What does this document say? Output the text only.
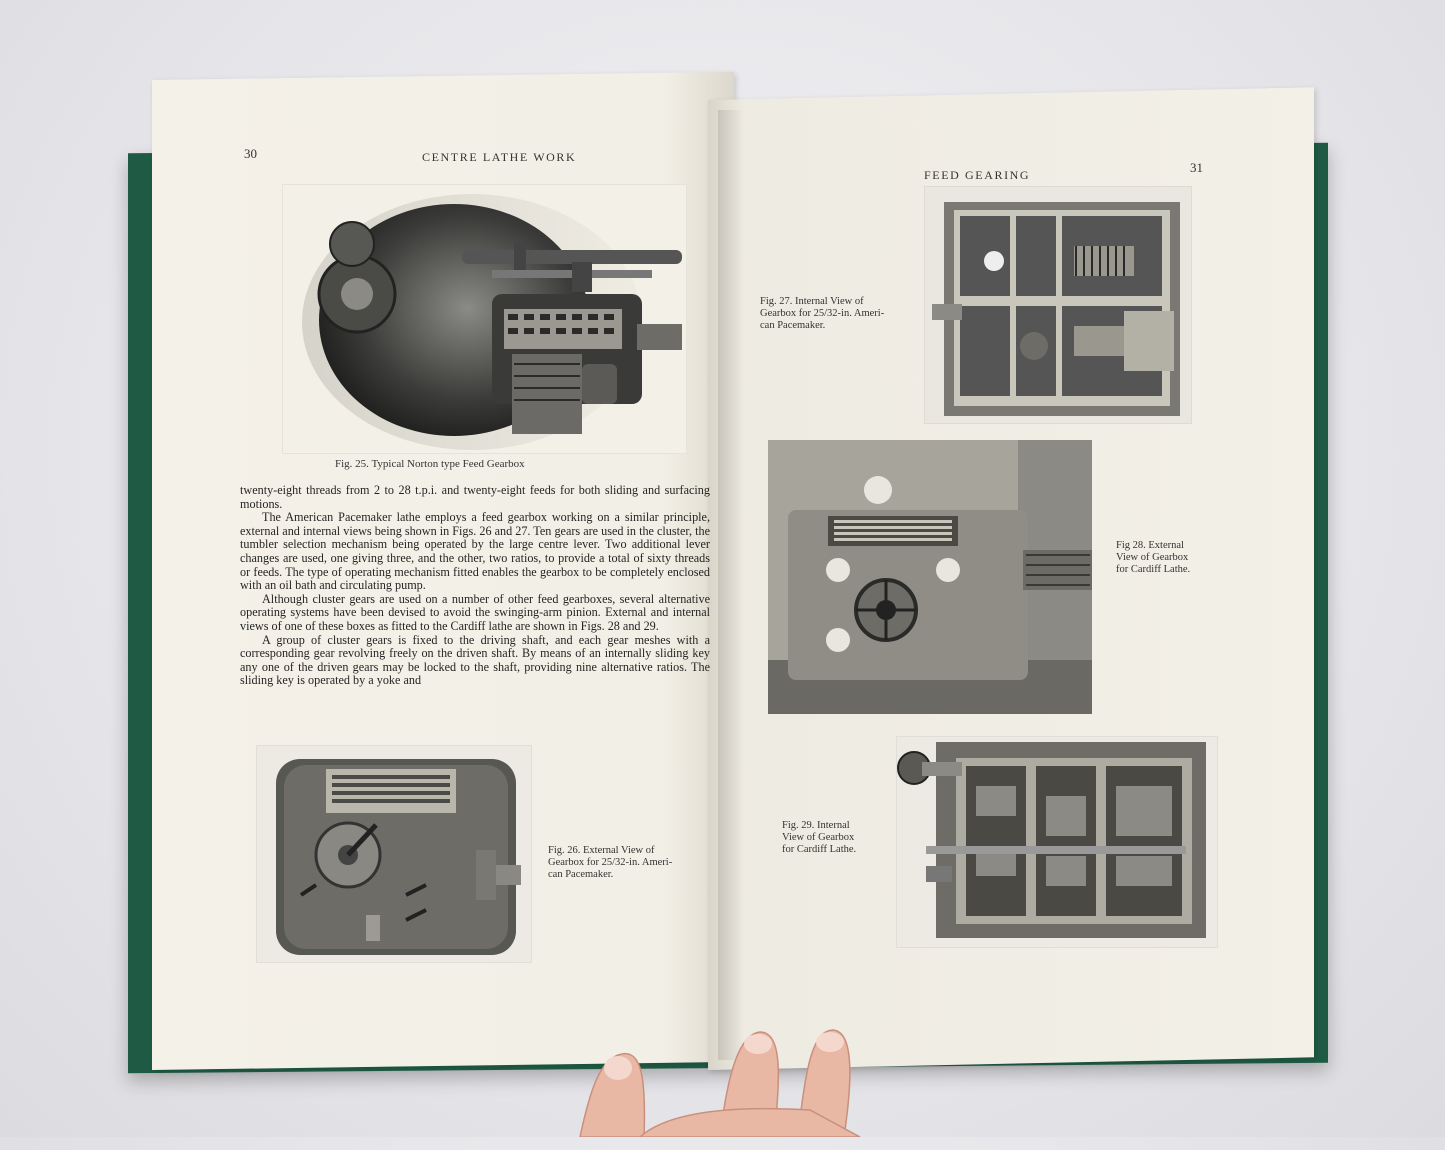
30	CENTRE LATHE WORK
Fig. 25. Typical Norton type Feed Gearbox

twenty-eight threads from 2 to 28 t.p.i. and twenty-eight feeds for both sliding and surfacing motions.

The American Pacemaker lathe employs a feed gearbox working on a similar principle, external and internal views being shown in Figs. 26 and 27. Ten gears are used in the cluster, the tumbler selection mechanism being operated by the large centre lever. Two additional lever changes are used, one giving three, and the other, two ratios, to provide a total of sixty threads or feeds. The type of operating mechanism fitted enables the gearbox to be completely enclosed with an oil bath and circulating pump.

Although cluster gears are used on a number of other feed gearboxes, several alternative operating systems have been devised to avoid the swinging-arm pinion. External and internal views of one of these boxes as fitted to the Cardiff lathe are shown in Figs. 28 and 29.

A group of cluster gears is fixed to the driving shaft, and each gear meshes with a corresponding gear revolving freely on the driven shaft. By means of an internally sliding key any one of the driven gears may be locked to the shaft, providing nine alternative ratios. The sliding key is operated by a yoke and

Fig. 26. External View of
Gearbox for 25/32-in. Ameri-
can Pacemaker.
FEED GEARING	31
Fig. 27. Internal View of
Gearbox for 25/32-in. Ameri-
can Pacemaker.
Fig 28. External
View of Gearbox
for Cardiff Lathe.
Fig. 29. Internal
View of Gearbox
for Cardiff Lathe.
